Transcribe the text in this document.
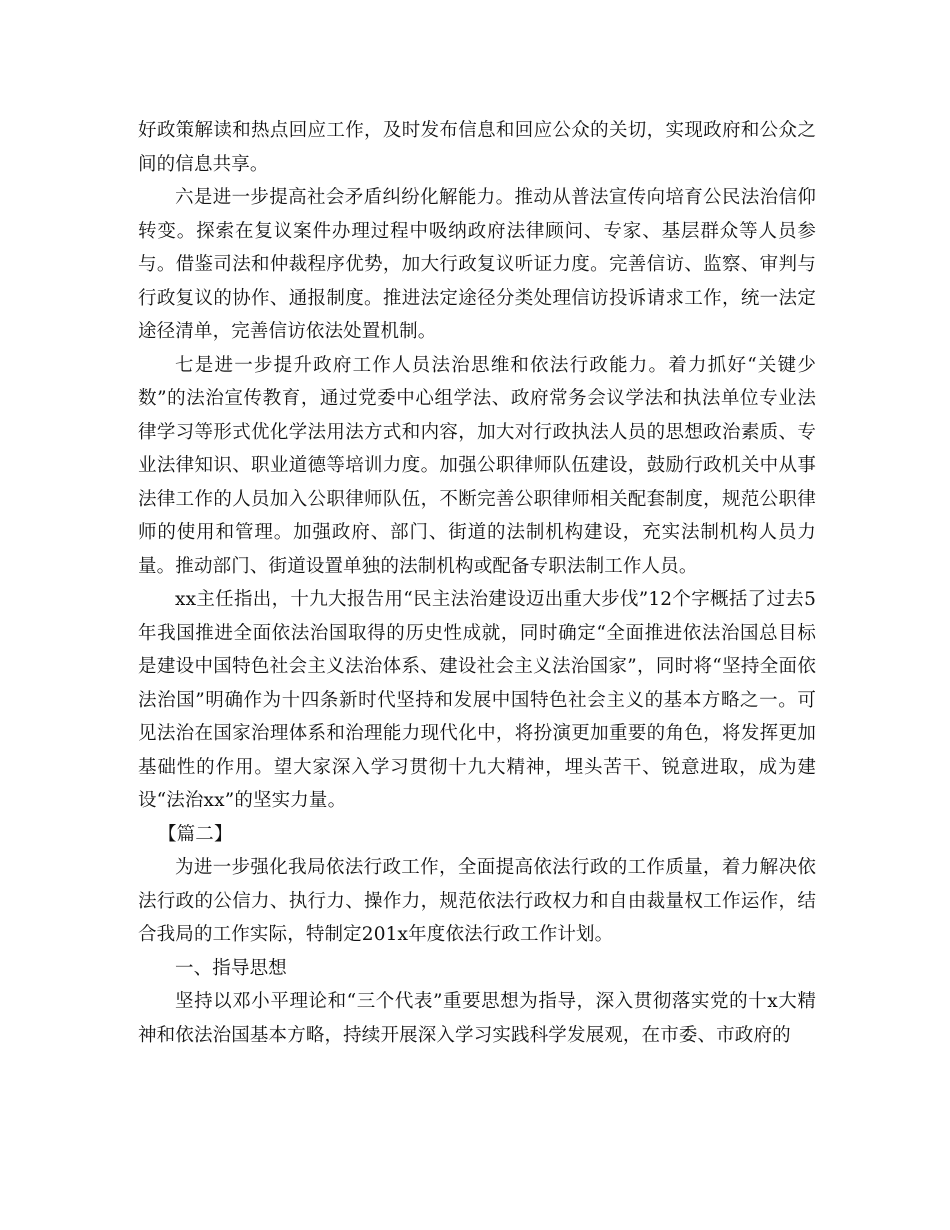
好政策解读和热点回应工作，及时发布信息和回应公众的关切，实现政府和公众之间的信息共享。

六是进一步提高社会矛盾纠纷化解能力。推动从普法宣传向培育公民法治信仰转变。探索在复议案件办理过程中吸纳政府法律顾问、专家、基层群众等人员参与。借鉴司法和仲裁程序优势，加大行政复议听证力度。完善信访、监察、审判与行政复议的协作、通报制度。推进法定途径分类处理信访投诉请求工作，统一法定途径清单，完善信访依法处置机制。

七是进一步提升政府工作人员法治思维和依法行政能力。着力抓好“关键少数”的法治宣传教育，通过党委中心组学法、政府常务会议学法和执法单位专业法律学习等形式优化学法用法方式和内容，加大对行政执法人员的思想政治素质、专业法律知识、职业道德等培训力度。加强公职律师队伍建设，鼓励行政机关中从事法律工作的人员加入公职律师队伍，不断完善公职律师相关配套制度，规范公职律师的使用和管理。加强政府、部门、街道的法制机构建设，充实法制机构人员力量。推动部门、街道设置单独的法制机构或配备专职法制工作人员。

xx主任指出，十九大报告用“民主法治建设迈出重大步伐”12个字概括了过去5年我国推进全面依法治国取得的历史性成就，同时确定“全面推进依法治国总目标是建设中国特色社会主义法治体系、建设社会主义法治国家”，同时将“坚持全面依法治国”明确作为十四条新时代坚持和发展中国特色社会主义的基本方略之一。可见法治在国家治理体系和治理能力现代化中，将扮演更加重要的角色，将发挥更加基础性的作用。望大家深入学习贯彻十九大精神，埋头苦干、锐意进取，成为建设“法治xx”的坚实力量。

【篇二】

为进一步强化我局依法行政工作，全面提高依法行政的工作质量，着力解决依法行政的公信力、执行力、操作力，规范依法行政权力和自由裁量权工作运作，结合我局的工作实际，特制定201x年度依法行政工作计划。

一、指导思想

坚持以邓小平理论和“三个代表”重要思想为指导，深入贯彻落实党的十x大精神和依法治国基本方略，持续开展深入学习实践科学发展观，在市委、市政府的
